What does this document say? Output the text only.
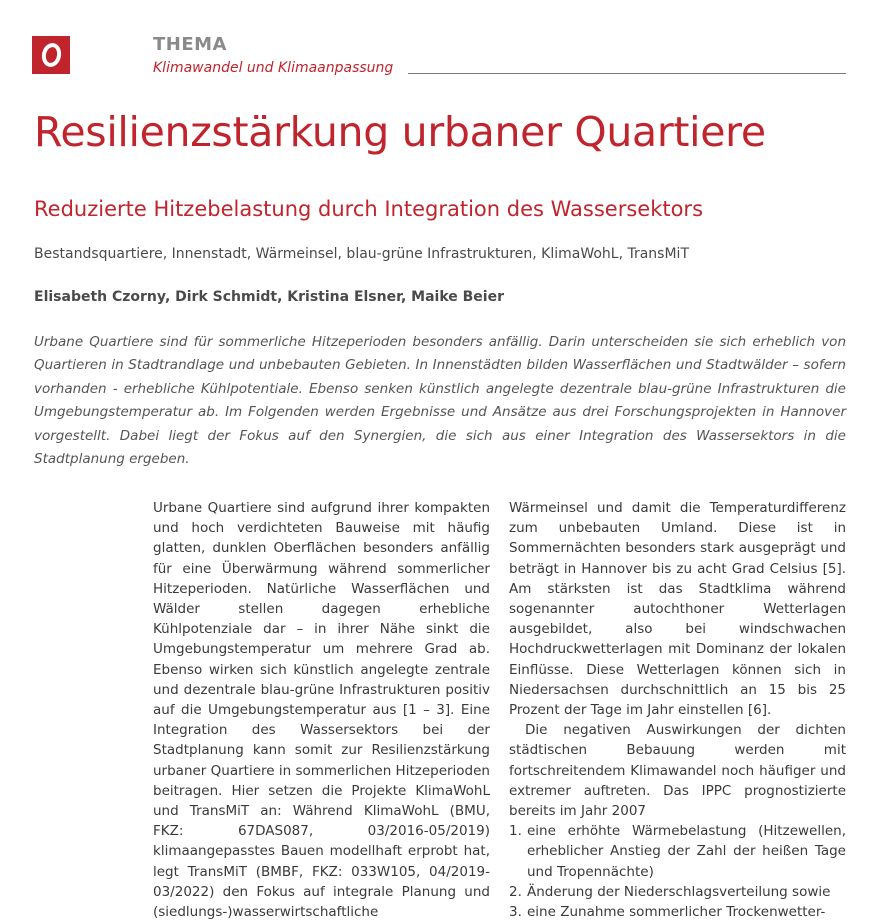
THEMA
Klimawandel und Klimaanpassung
Resilienzstärkung urbaner Quartiere
Reduzierte Hitzebelastung durch Integration des Wassersektors
Bestandsquartiere, Innenstadt, Wärmeinsel, blau-grüne Infrastrukturen, KlimaWohL, TransMiT
Elisabeth Czorny, Dirk Schmidt, Kristina Elsner, Maike Beier

Urbane Quartiere sind für sommerliche Hitzeperioden besonders anfällig. Darin unterscheiden sie sich erheblich von Quartieren in Stadtrandlage und unbebauten Gebieten. In Innenstädten bilden Wasserflächen und Stadtwälder – sofern vorhanden - erhebliche Kühlpotentiale. Ebenso senken künstlich angelegte dezentrale blau-grüne Infrastrukturen die Umgebungstemperatur ab. Im Folgenden werden Ergebnisse und Ansätze aus drei Forschungsprojekten in Hannover vorgestellt. Dabei liegt der Fokus auf den Synergien, die sich aus einer Integration des Wassersektors in die Stadtplanung ergeben.

Urbane Quartiere sind aufgrund ihrer kompakten und hoch verdichteten Bauweise mit häufig glatten, dunklen Oberflächen besonders anfällig für eine Überwärmung während sommerlicher Hitzeperioden. Natürliche Wasserflächen und Wälder stellen dagegen erhebliche Kühlpotenziale dar – in ihrer Nähe sinkt die Umgebungstemperatur um mehrere Grad ab. Ebenso wirken sich künstlich angelegte zentrale und dezentrale blau-grüne Infrastrukturen positiv auf die Umgebungstemperatur aus [1 – 3]. Eine Integration des Wassersektors bei der Stadtplanung kann somit zur Resilienzstärkung urbaner Quartiere in sommerlichen Hitzeperioden beitragen. Hier setzen die Projekte KlimaWohL und TransMiT an: Während KlimaWohL (BMU, FKZ: 67DAS087, 03/2016-05/2019) klimaangepasstes Bauen modellhaft erprobt hat, legt TransMiT (BMBF, FKZ: 033W105, 04/2019-03/2022) den Fokus auf integrale Planung und (siedlungs-)wasserwirtschaftliche

Wärmeinsel und damit die Temperaturdifferenz zum unbebauten Umland. Diese ist in Sommernächten besonders stark ausgeprägt und beträgt in Hannover bis zu acht Grad Celsius [5]. Am stärksten ist das Stadtklima während sogenannter autochthoner Wetterlagen ausgebildet, also bei windschwachen Hochdruckwetterlagen mit Dominanz der lokalen Einflüsse. Diese Wetterlagen können sich in Niedersachsen durchschnittlich an 15 bis 25 Prozent der Tage im Jahr einstellen [6].

Die negativen Auswirkungen der dichten städtischen Bebauung werden mit fortschreitendem Klimawandel noch häufiger und extremer auftreten. Das IPPC prognostizierte bereits im Jahr 2007

1. eine erhöhte Wärmebelastung (Hitzewellen, erheblicher Anstieg der Zahl der heißen Tage und Tropennächte)
2. Änderung der Niederschlagsverteilung sowie
3. eine Zunahme sommerlicher Trockenwetter-
